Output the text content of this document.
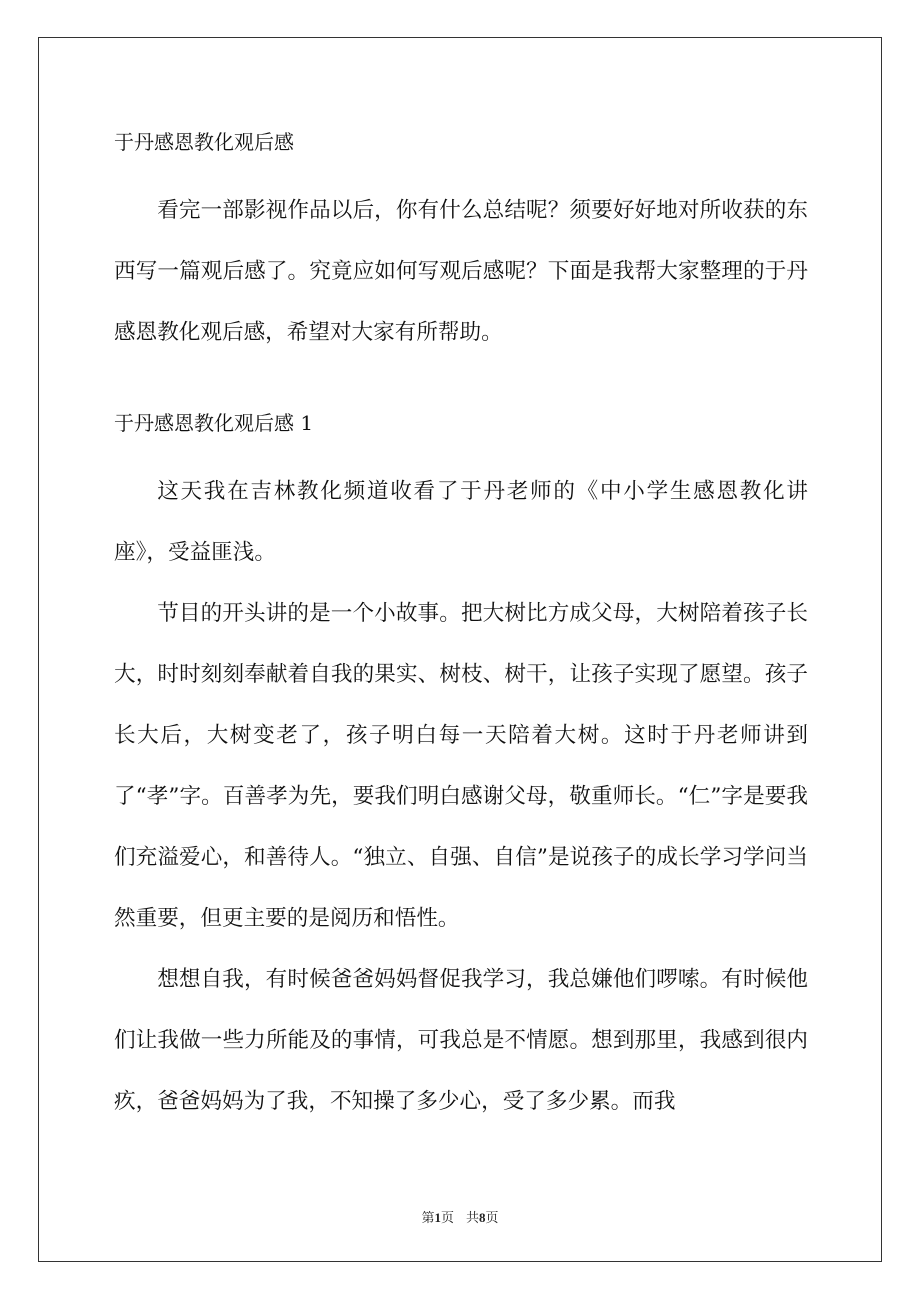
于丹感恩教化观后感

看完一部影视作品以后，你有什么总结呢？须要好好地对所收获的东西写一篇观后感了。究竟应如何写观后感呢？下面是我帮大家整理的于丹感恩教化观后感，希望对大家有所帮助。

于丹感恩教化观后感 1

这天我在吉林教化频道收看了于丹老师的《中小学生感恩教化讲座》，受益匪浅。

节目的开头讲的是一个小故事。把大树比方成父母，大树陪着孩子长大，时时刻刻奉献着自我的果实、树枝、树干，让孩子实现了愿望。孩子长大后，大树变老了，孩子明白每一天陪着大树。这时于丹老师讲到了“孝”字。百善孝为先，要我们明白感谢父母，敬重师长。“仁”字是要我们充溢爱心，和善待人。“独立、自强、自信”是说孩子的成长学习学问当然重要，但更主要的是阅历和悟性。

想想自我，有时候爸爸妈妈督促我学习，我总嫌他们啰嗦。有时候他们让我做一些力所能及的事情，可我总是不情愿。想到那里，我感到很内疚，爸爸妈妈为了我，不知操了多少心，受了多少累。而我

第1页 共8页
